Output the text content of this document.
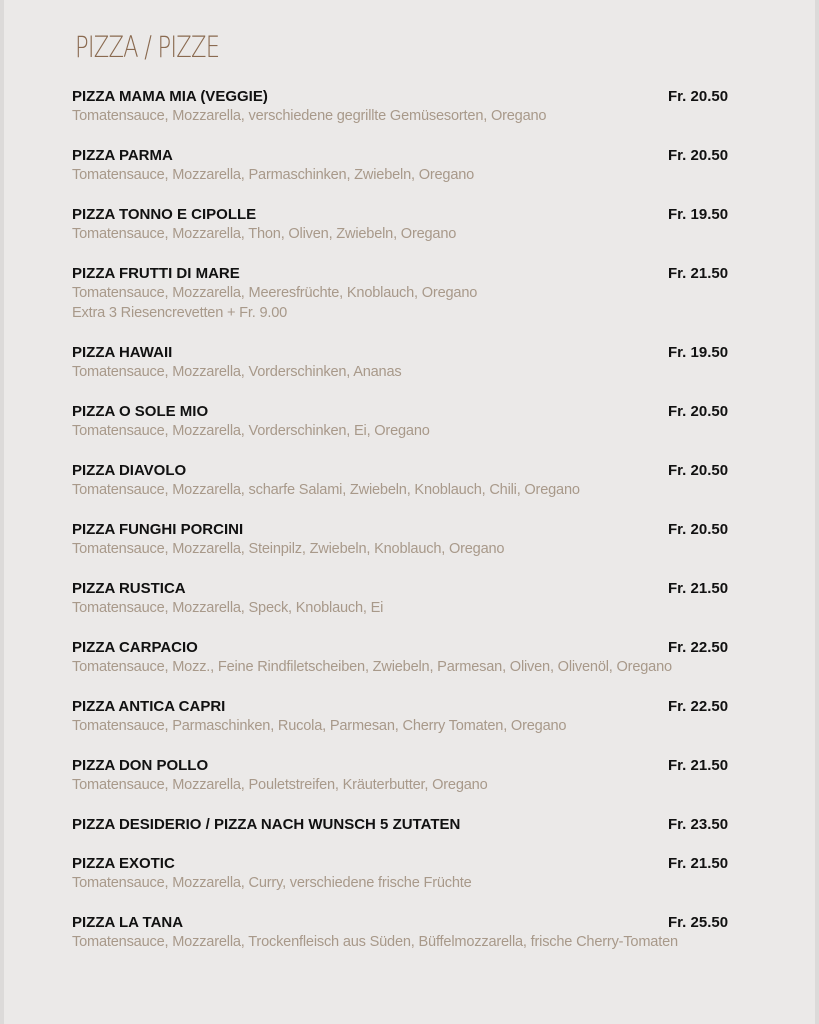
PIZZA / PIZZE
PIZZA MAMA MIA (VEGGIE)	Fr. 20.50
Tomatensauce, Mozzarella, verschiedene gegrillte Gemüsesorten, Oregano
PIZZA PARMA	Fr. 20.50
Tomatensauce, Mozzarella, Parmaschinken, Zwiebeln, Oregano
PIZZA TONNO E CIPOLLE	Fr. 19.50
Tomatensauce, Mozzarella, Thon, Oliven, Zwiebeln, Oregano
PIZZA FRUTTI DI MARE	Fr. 21.50
Tomatensauce, Mozzarella, Meeresfrüchte, Knoblauch, Oregano
Extra 3 Riesencrevetten + Fr. 9.00
PIZZA HAWAII	Fr. 19.50
Tomatensauce, Mozzarella, Vorderschinken, Ananas
PIZZA O SOLE MIO	Fr. 20.50
Tomatensauce, Mozzarella, Vorderschinken, Ei, Oregano
PIZZA DIAVOLO	Fr. 20.50
Tomatensauce, Mozzarella, scharfe Salami, Zwiebeln, Knoblauch, Chili, Oregano
PIZZA FUNGHI PORCINI	Fr. 20.50
Tomatensauce, Mozzarella, Steinpilz, Zwiebeln, Knoblauch, Oregano
PIZZA RUSTICA	Fr. 21.50
Tomatensauce, Mozzarella, Speck, Knoblauch, Ei
PIZZA CARPACIO	Fr. 22.50
Tomatensauce, Mozz., Feine Rindfiletscheiben, Zwiebeln, Parmesan, Oliven, Olivenöl, Oregano
PIZZA ANTICA CAPRI	Fr. 22.50
Tomatensauce, Parmaschinken, Rucola, Parmesan, Cherry Tomaten, Oregano
PIZZA DON POLLO	Fr. 21.50
Tomatensauce, Mozzarella, Pouletstreifen, Kräuterbutter, Oregano
PIZZA DESIDERIO / PIZZA NACH WUNSCH 5 ZUTATEN	Fr. 23.50
PIZZA EXOTIC	Fr. 21.50
Tomatensauce, Mozzarella, Curry, verschiedene frische Früchte
PIZZA LA TANA	Fr. 25.50
Tomatensauce, Mozzarella, Trockenfleisch aus Süden, Büffelmozzarella, frische Cherry-Tomaten
